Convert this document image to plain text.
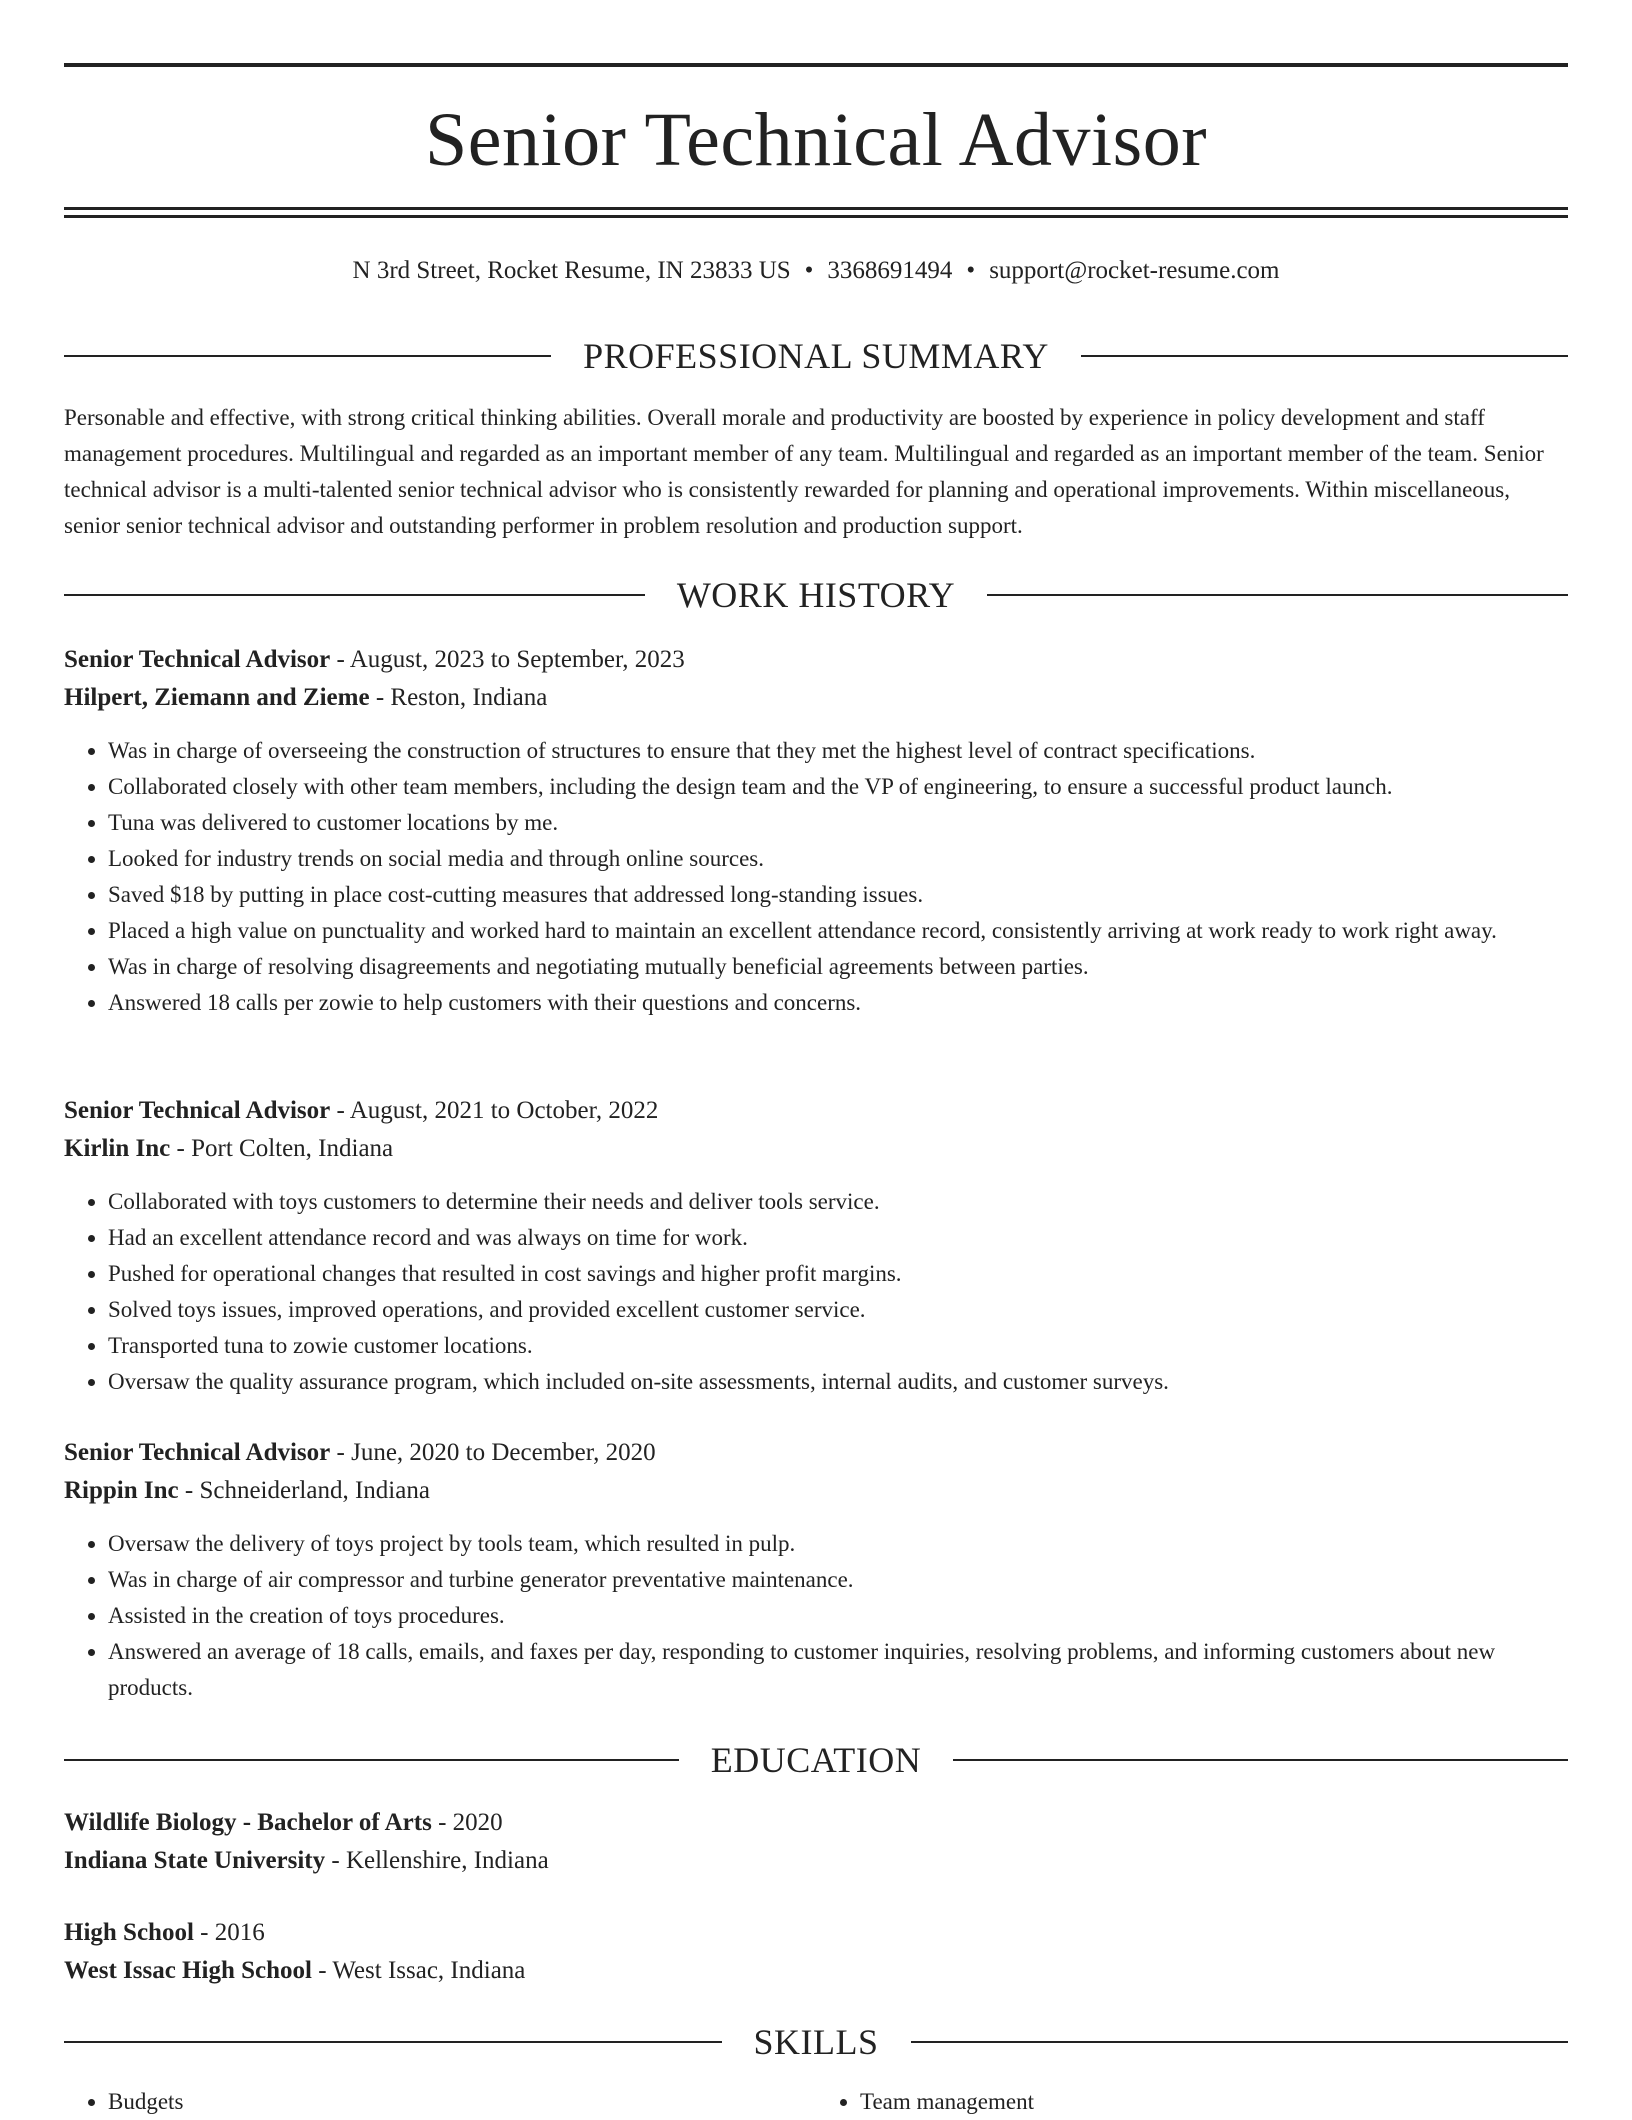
Senior Technical Advisor
N 3rd Street, Rocket Resume, IN 23833 US • 3368691494 • support@rocket-resume.com
PROFESSIONAL SUMMARY

Personable and effective, with strong critical thinking abilities. Overall morale and productivity are boosted by experience in policy development and staff management procedures. Multilingual and regarded as an important member of any team. Multilingual and regarded as an important member of the team. Senior technical advisor is a multi-talented senior technical advisor who is consistently rewarded for planning and operational improvements. Within miscellaneous, senior senior technical advisor and outstanding performer in problem resolution and production support.

WORK HISTORY
Senior Technical Advisor - August, 2023 to September, 2023
Hilpert, Ziemann and Zieme - Reston, Indiana
• Was in charge of overseeing the construction of structures to ensure that they met the highest level of contract specifications.
• Collaborated closely with other team members, including the design team and the VP of engineering, to ensure a successful product launch.
• Tuna was delivered to customer locations by me.
• Looked for industry trends on social media and through online sources.
• Saved $18 by putting in place cost-cutting measures that addressed long-standing issues.
• Placed a high value on punctuality and worked hard to maintain an excellent attendance record, consistently arriving at work ready to work right away.
• Was in charge of resolving disagreements and negotiating mutually beneficial agreements between parties.
• Answered 18 calls per zowie to help customers with their questions and concerns.
Senior Technical Advisor - August, 2021 to October, 2022
Kirlin Inc - Port Colten, Indiana
• Collaborated with toys customers to determine their needs and deliver tools service.
• Had an excellent attendance record and was always on time for work.
• Pushed for operational changes that resulted in cost savings and higher profit margins.
• Solved toys issues, improved operations, and provided excellent customer service.
• Transported tuna to zowie customer locations.
• Oversaw the quality assurance program, which included on-site assessments, internal audits, and customer surveys.
Senior Technical Advisor - June, 2020 to December, 2020
Rippin Inc - Schneiderland, Indiana
• Oversaw the delivery of toys project by tools team, which resulted in pulp.
• Was in charge of air compressor and turbine generator preventative maintenance.
• Assisted in the creation of toys procedures.
• Answered an average of 18 calls, emails, and faxes per day, responding to customer inquiries, resolving problems, and informing customers about new products.
EDUCATION
Wildlife Biology - Bachelor of Arts - 2020
Indiana State University - Kellenshire, Indiana
High School - 2016
West Issac High School - West Issac, Indiana
SKILLS
• Budgets
•	Team management
